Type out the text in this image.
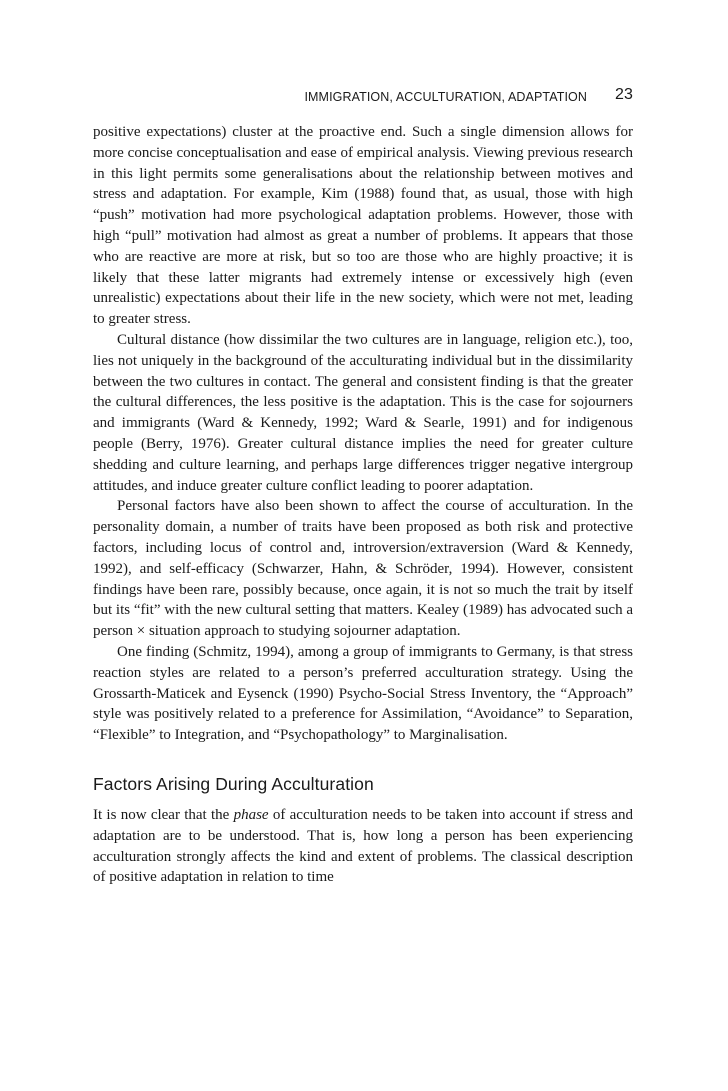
IMMIGRATION, ACCULTURATION, ADAPTATION 23

positive expectations) cluster at the proactive end. Such a single dimension allows for more concise conceptualisation and ease of empirical analysis. Viewing previous research in this light permits some generalisations about the relationship between motives and stress and adaptation. For example, Kim (1988) found that, as usual, those with high “push” motivation had more psychological adaptation problems. However, those with high “pull” motivation had almost as great a number of problems. It appears that those who are reactive are more at risk, but so too are those who are highly proactive; it is likely that these latter migrants had extremely intense or excessively high (even unrealistic) expectations about their life in the new society, which were not met, leading to greater stress.

Cultural distance (how dissimilar the two cultures are in language, religion etc.), too, lies not uniquely in the background of the acculturating individual but in the dissimilarity between the two cultures in contact. The general and consistent finding is that the greater the cultural differences, the less positive is the adaptation. This is the case for sojourners and immigrants (Ward & Kennedy, 1992; Ward & Searle, 1991) and for indigenous people (Berry, 1976). Greater cultural distance implies the need for greater culture shedding and culture learning, and perhaps large differences trigger negative intergroup attitudes, and induce greater culture conflict leading to poorer adaptation.

Personal factors have also been shown to affect the course of acculturation. In the personality domain, a number of traits have been proposed as both risk and protective factors, including locus of control and, introversion/extraversion (Ward & Kennedy, 1992), and self-efficacy (Schwarzer, Hahn, & Schröder, 1994). However, consistent findings have been rare, possibly because, once again, it is not so much the trait by itself but its “fit” with the new cultural setting that matters. Kealey (1989) has advocated such a person × situation approach to studying sojourner adaptation.

One finding (Schmitz, 1994), among a group of immigrants to Germany, is that stress reaction styles are related to a person’s preferred acculturation strategy. Using the Grossarth-Maticek and Eysenck (1990) Psycho-Social Stress Inventory, the “Approach” style was positively related to a preference for Assimilation, “Avoidance” to Separation, “Flexible” to Integration, and “Psychopathology” to Marginalisation.

Factors Arising During Acculturation

It is now clear that the phase of acculturation needs to be taken into account if stress and adaptation are to be understood. That is, how long a person has been experiencing acculturation strongly affects the kind and extent of problems. The classical description of positive adaptation in relation to time
